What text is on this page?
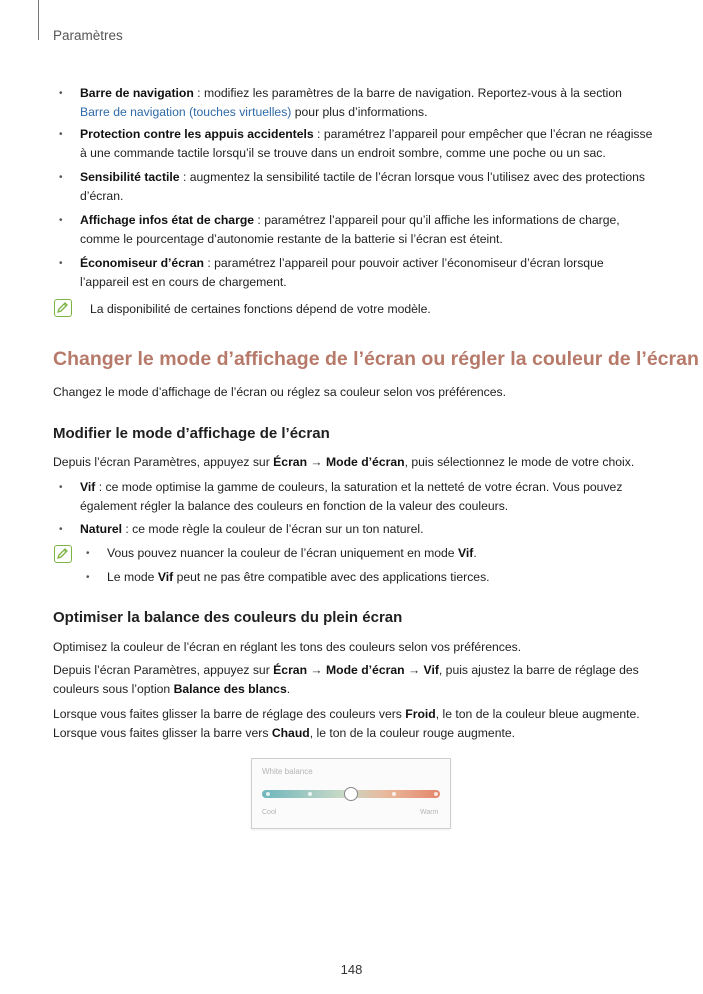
Paramètres
• Barre de navigation : modifiez les paramètres de la barre de navigation. Reportez-vous à la section Barre de navigation (touches virtuelles) pour plus d’informations.
• Protection contre les appuis accidentels : paramétrez l’appareil pour empêcher que l’écran ne réagisse à une commande tactile lorsqu’il se trouve dans un endroit sombre, comme une poche ou un sac.
• Sensibilité tactile : augmentez la sensibilité tactile de l’écran lorsque vous l’utilisez avec des protections d’écran.
• Affichage infos état de charge : paramétrez l’appareil pour qu’il affiche les informations de charge, comme le pourcentage d’autonomie restante de la batterie si l’écran est éteint.
• Économiseur d’écran : paramétrez l’appareil pour pouvoir activer l’économiseur d’écran lorsque l’appareil est en cours de chargement.
La disponibilité de certaines fonctions dépend de votre modèle.
Changer le mode d’affichage de l’écran ou régler la couleur de l’écran
Changez le mode d’affichage de l’écran ou réglez sa couleur selon vos préférences.
Modifier le mode d’affichage de l’écran
Depuis l’écran Paramètres, appuyez sur Écran → Mode d’écran, puis sélectionnez le mode de votre choix.
• Vif : ce mode optimise la gamme de couleurs, la saturation et la netteté de votre écran. Vous pouvez également régler la balance des couleurs en fonction de la valeur des couleurs.
• Naturel : ce mode règle la couleur de l’écran sur un ton naturel.
• Vous pouvez nuancer la couleur de l’écran uniquement en mode Vif.
• Le mode Vif peut ne pas être compatible avec des applications tierces.
Optimiser la balance des couleurs du plein écran
Optimisez la couleur de l’écran en réglant les tons des couleurs selon vos préférences.
Depuis l’écran Paramètres, appuyez sur Écran → Mode d’écran → Vif, puis ajustez la barre de réglage des couleurs sous l’option Balance des blancs.
Lorsque vous faites glisser la barre de réglage des couleurs vers Froid, le ton de la couleur bleue augmente. Lorsque vous faites glisser la barre vers Chaud, le ton de la couleur rouge augmente.
White balance
Cool	Warm
148
